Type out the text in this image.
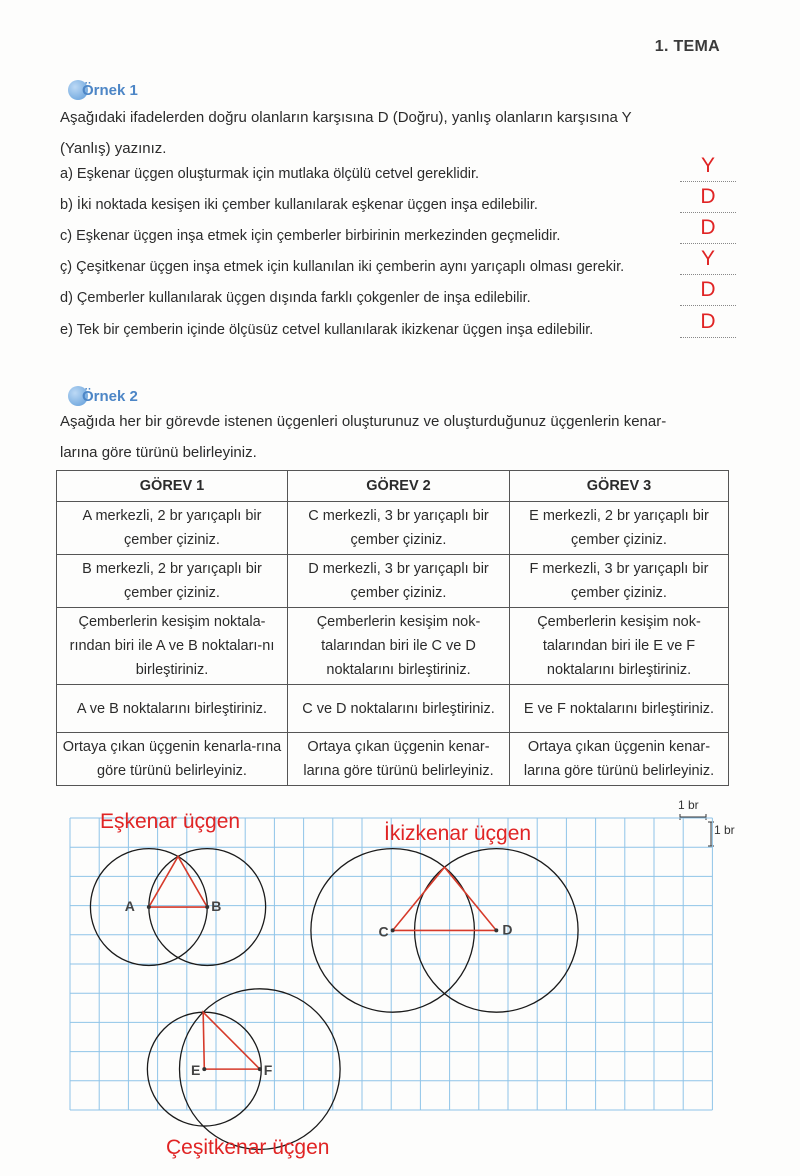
1. TEMA
Örnek 1
Aşağıdaki ifadelerden doğru olanların karşısına D (Doğru), yanlış olanların karşısına Y
(Yanlış) yazınız.
a) Eşkenar üçgen oluşturmak için mutlaka ölçülü cetvel gereklidir.	Y
b) İki noktada kesişen iki çember kullanılarak eşkenar üçgen inşa edilebilir.	D
c) Eşkenar üçgen inşa etmek için çemberler birbirinin merkezinden geçmelidir.	D
ç) Çeşitkenar üçgen inşa etmek için kullanılan iki çemberin aynı yarıçaplı olması gerekir.	Y
d) Çemberler kullanılarak üçgen dışında farklı çokgenler de inşa edilebilir.	D
e) Tek bir çemberin içinde ölçüsüz cetvel kullanılarak ikizkenar üçgen inşa edilebilir.	D
Örnek 2
Aşağıda her bir görevde istenen üçgenleri oluşturunuz ve oluşturduğunuz üçgenlerin kenar-
larına göre türünü belirleyiniz.
GÖREV 1	GÖREV 2	GÖREV 3
A merkezli, 2 br yarıçaplı bir çember çiziniz.	C merkezli, 3 br yarıçaplı bir çember çiziniz.	E merkezli, 2 br yarıçaplı bir çember çiziniz.
B merkezli, 2 br yarıçaplı bir çember çiziniz.	D merkezli, 3 br yarıçaplı bir çember çiziniz.	F merkezli, 3 br yarıçaplı bir çember çiziniz.
Çemberlerin kesişim noktala-rından biri ile A ve B noktaları-nı birleştiriniz.	Çemberlerin kesişim nok-talarından biri ile C ve D noktalarını birleştiriniz.	Çemberlerin kesişim nok-talarından biri ile E ve F noktalarını birleştiriniz.
A ve B noktalarını birleştiriniz.	C ve D noktalarını birleştiriniz.	E ve F noktalarını birleştiriniz.
Ortaya çıkan üçgenin kenarla-rına göre türünü belirleyiniz.	Ortaya çıkan üçgenin kenar-larına göre türünü belirleyiniz.	Ortaya çıkan üçgenin kenar-larına göre türünü belirleyiniz.
1 br
1 br
A	B
C	D
E	F
Eşkenar üçgen
İkizkenar üçgen
Çeşitkenar üçgen
